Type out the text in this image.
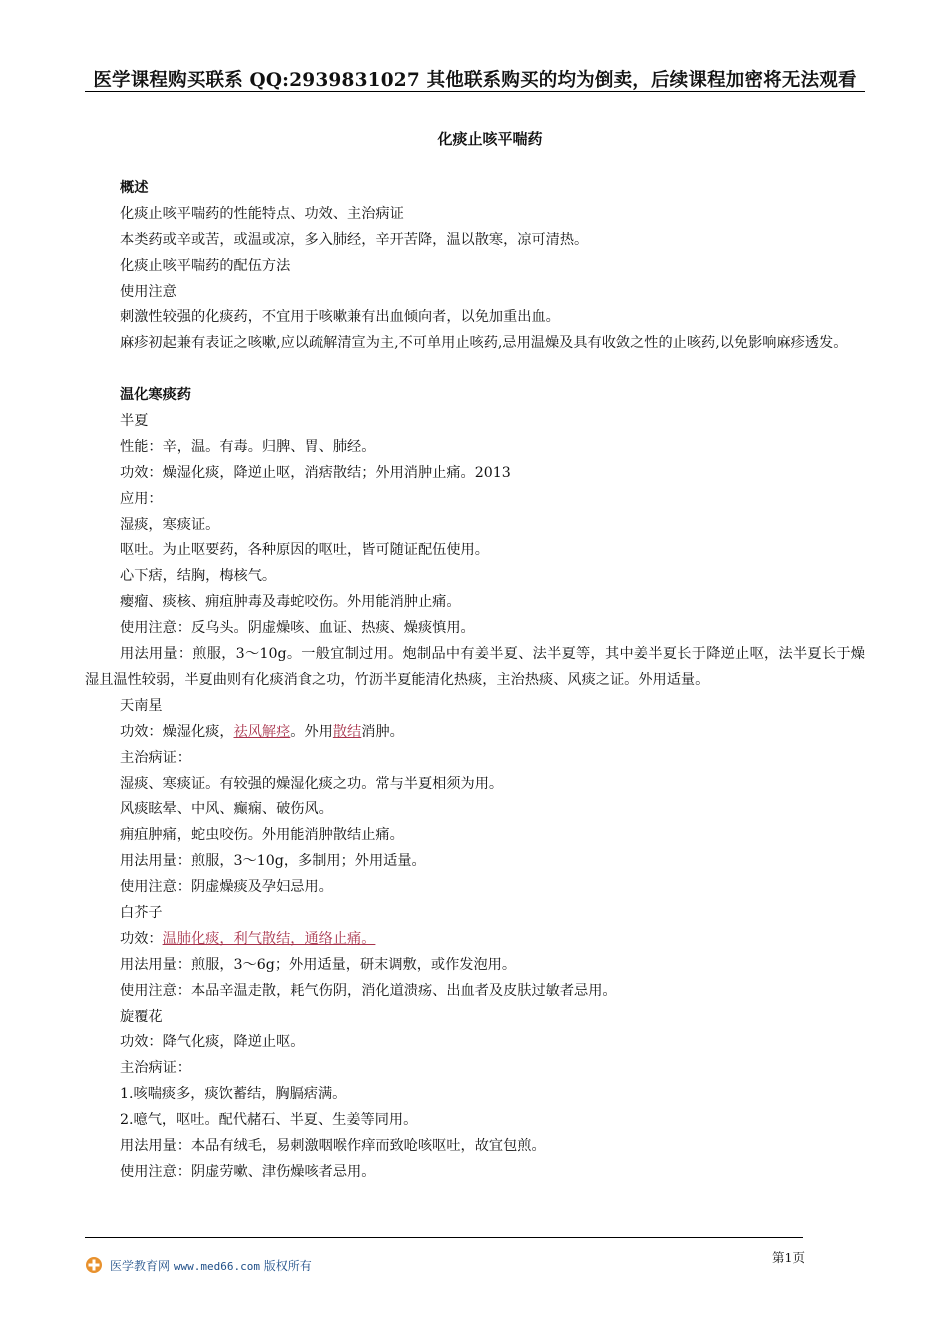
医学课程购买联系 QQ:2939831027 其他联系购买的均为倒卖，后续课程加密将无法观看
化痰止咳平喘药
概述
化痰止咳平喘药的性能特点、功效、主治病证
本类药或辛或苦，或温或凉，多入肺经，辛开苦降，温以散寒，凉可清热。
化痰止咳平喘药的配伍方法
使用注意
刺激性较强的化痰药，不宜用于咳嗽兼有出血倾向者，以免加重出血。
麻疹初起兼有表证之咳嗽,应以疏解清宣为主,不可单用止咳药,忌用温燥及具有收敛之性的止咳药,以免影响麻疹透发。
温化寒痰药
半夏
性能：辛，温。有毒。归脾、胃、肺经。
功效：燥湿化痰，降逆止呕，消痞散结；外用消肿止痛。2013
应用：
湿痰，寒痰证。
呕吐。为止呕要药，各种原因的呕吐，皆可随证配伍使用。
心下痞，结胸，梅核气。
瘿瘤、痰核、痈疽肿毒及毒蛇咬伤。外用能消肿止痛。
使用注意：反乌头。阴虚燥咳、血证、热痰、燥痰慎用。
用法用量：煎服，3～10g。一般宜制过用。炮制品中有姜半夏、法半夏等，其中姜半夏长于降逆止呕，法半夏长于燥湿且温性较弱，半夏曲则有化痰消食之功，竹沥半夏能清化热痰，主治热痰、风痰之证。外用适量。
天南星
功效：燥湿化痰，祛风解痉。外用散结消肿。
主治病证：
湿痰、寒痰证。有较强的燥湿化痰之功。常与半夏相须为用。
风痰眩晕、中风、癫痫、破伤风。
痈疽肿痛，蛇虫咬伤。外用能消肿散结止痛。
用法用量：煎服，3～10g，多制用；外用适量。
使用注意：阴虚燥痰及孕妇忌用。
白芥子
功效：温肺化痰，利气散结，通络止痛。
用法用量：煎服，3～6g；外用适量，研末调敷，或作发泡用。
使用注意：本品辛温走散，耗气伤阴，消化道溃疡、出血者及皮肤过敏者忌用。
旋覆花
功效：降气化痰，降逆止呕。
主治病证：
1.咳喘痰多，痰饮蓄结，胸膈痞满。
2.噫气，呕吐。配代赭石、半夏、生姜等同用。
用法用量：本品有绒毛，易刺激咽喉作痒而致呛咳呕吐，故宜包煎。
使用注意：阴虚劳嗽、津伤燥咳者忌用。
医学教育网 www.med66.com 版权所有
第1页
